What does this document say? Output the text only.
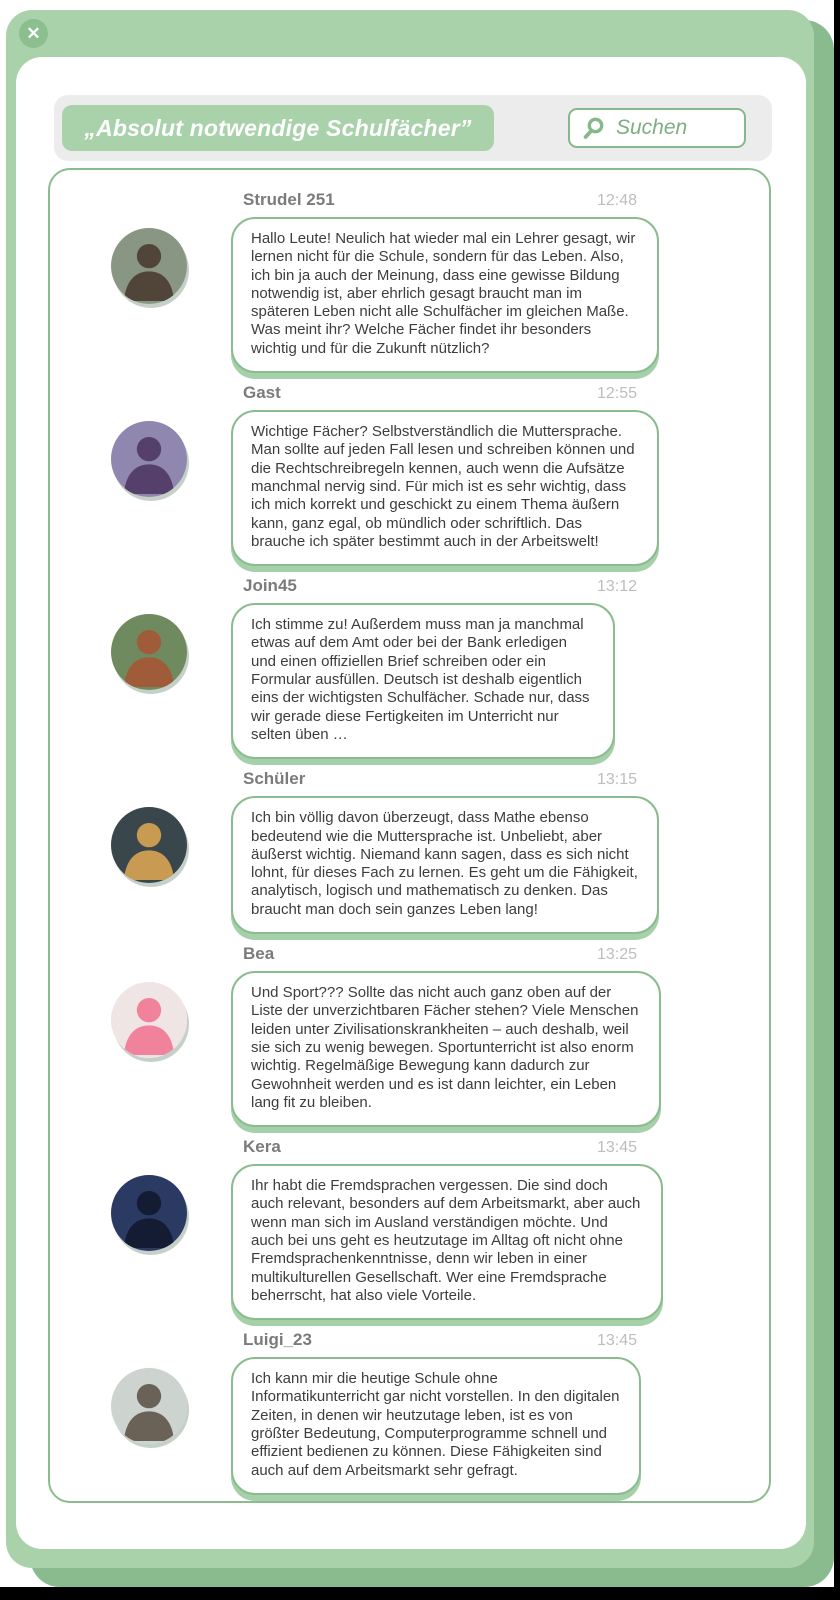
✕
„Absolut notwendige Schulfächer”	Suchen
Strudel 251	12:48
Hallo Leute! Neulich hat wieder mal ein Lehrer gesagt, wir lernen nicht für die Schule, sondern für das Leben. Also, ich bin ja auch der Meinung, dass eine gewisse Bildung notwendig ist, aber ehrlich gesagt braucht man im späteren Leben nicht alle Schulfächer im gleichen Maße. Was meint ihr? Welche Fächer findet ihr besonders wichtig und für die Zukunft nützlich?
Gast	12:55
Wichtige Fächer? Selbstverständlich die Muttersprache. Man sollte auf jeden Fall lesen und schreiben können und die Rechtschreibregeln kennen, auch wenn die Aufsätze manchmal nervig sind. Für mich ist es sehr wichtig, dass ich mich korrekt und geschickt zu einem Thema äußern kann, ganz egal, ob mündlich oder schriftlich. Das brauche ich später bestimmt auch in der Arbeitswelt!
Join45	13:12
Ich stimme zu! Außerdem muss man ja manchmal etwas auf dem Amt oder bei der Bank erledigen und einen offiziellen Brief schreiben oder ein Formular ausfüllen. Deutsch ist deshalb eigentlich eins der wichtigsten Schulfächer. Schade nur, dass wir gerade diese Fertigkeiten im Unterricht nur selten üben …
Schüler	13:15
Ich bin völlig davon überzeugt, dass Mathe ebenso bedeutend wie die Muttersprache ist. Unbeliebt, aber äußerst wichtig. Niemand kann sagen, dass es sich nicht lohnt, für dieses Fach zu lernen. Es geht um die Fähigkeit, analytisch, logisch und mathematisch zu denken. Das braucht man doch sein ganzes Leben lang!
Bea	13:25
Und Sport??? Sollte das nicht auch ganz oben auf der Liste der unverzichtbaren Fächer stehen? Viele Menschen leiden unter Zivilisationskrankheiten – auch deshalb, weil sie sich zu wenig bewegen. Sportunterricht ist also enorm wichtig. Regelmäßige Bewegung kann dadurch zur Gewohnheit werden und es ist dann leichter, ein Leben lang fit zu bleiben.
Kera	13:45
Ihr habt die Fremdsprachen vergessen. Die sind doch auch relevant, besonders auf dem Arbeitsmarkt, aber auch wenn man sich im Ausland verständigen möchte. Und auch bei uns geht es heutzutage im Alltag oft nicht ohne Fremdsprachenkenntnisse, denn wir leben in einer multikulturellen Gesellschaft. Wer eine Fremdsprache beherrscht, hat also viele Vorteile.
Luigi_23	13:45
Ich kann mir die heutige Schule ohne Informatikunterricht gar nicht vorstellen. In den digitalen Zeiten, in denen wir heutzutage leben, ist es von größter Bedeutung, Computerprogramme schnell und effizient bedienen zu können. Diese Fähigkeiten sind auch auf dem Arbeitsmarkt sehr gefragt.
